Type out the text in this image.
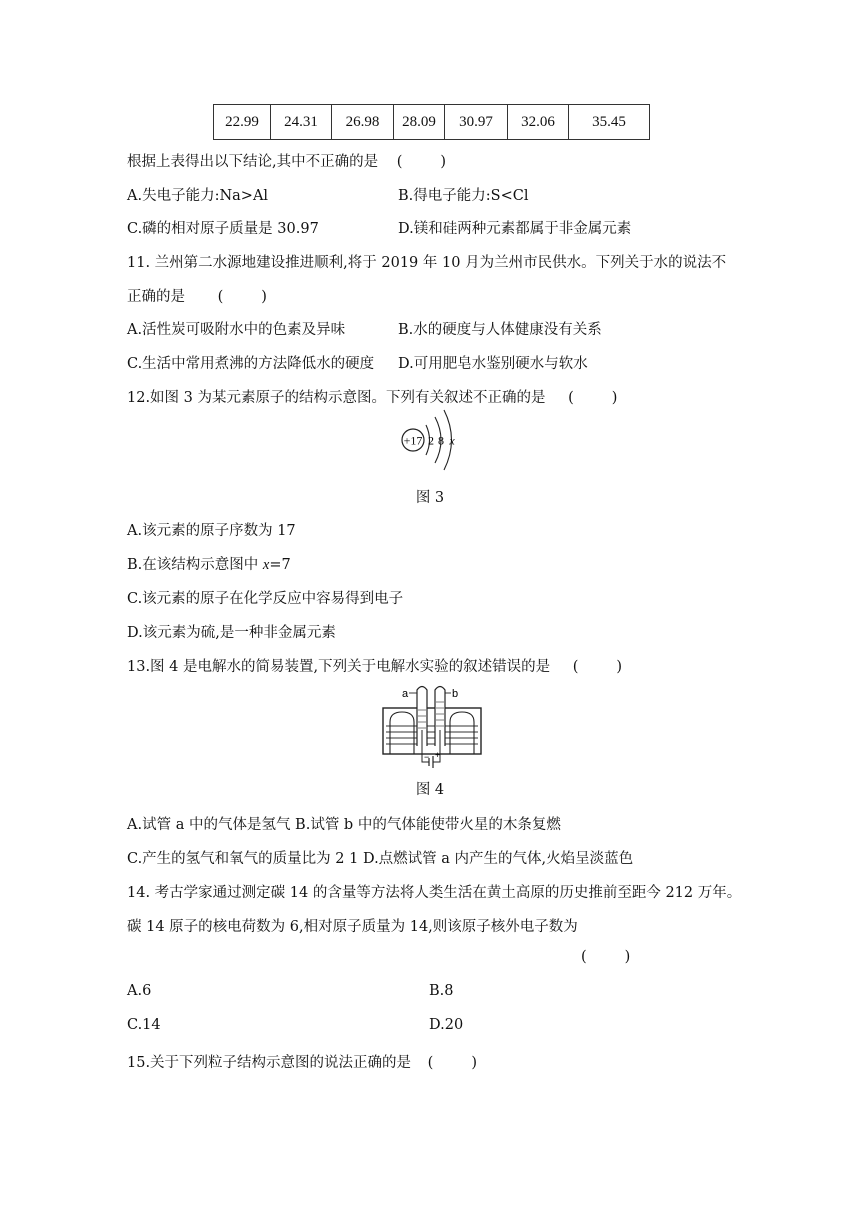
22.99	24.31	26.98	28.09	30.97	32.06	35.45
根据上表得出以下结论,其中不正确的是 (	)
A.失电子能力:Na>Al	B.得电子能力:S<Cl
C.磷的相对原子质量是 30.97	D.镁和硅两种元素都属于非金属元素
11. 兰州第二水源地建设推进顺利,将于 2019 年 10 月为兰州市民供水。下列关于水的说法不
正确的是 (	)
A.活性炭可吸附水中的色素及异味	B.水的硬度与人体健康没有关系
C.生活中常用煮沸的方法降低水的硬度 D.可用肥皂水鉴别硬水与软水
12.如图 3 为某元素原子的结构示意图。下列有关叙述不正确的是 (	)
+17 2 8 x
图 3
A.该元素的原子序数为 17
B.在该结构示意图中 x=7
C.该元素的原子在化学反应中容易得到电子
D.该元素为硫,是一种非金属元素
13.图 4 是电解水的简易装置,下列关于电解水实验的叙述错误的是 (	)
− +
a	b
图 4
A.试管 a 中的气体是氢气 B.试管 b 中的气体能使带火星的木条复燃
C.产生的氢气和氧气的质量比为 2 1 D.点燃试管 a 内产生的气体,火焰呈淡蓝色
14. 考古学家通过测定碳 14 的含量等方法将人类生活在黄土高原的历史推前至距今 212 万年。
碳 14 原子的核电荷数为 6,相对原子质量为 14,则该原子核外电子数为
(	)
A.6	B.8
C.14	D.20
15.关于下列粒子结构示意图的说法正确的是 (	)
